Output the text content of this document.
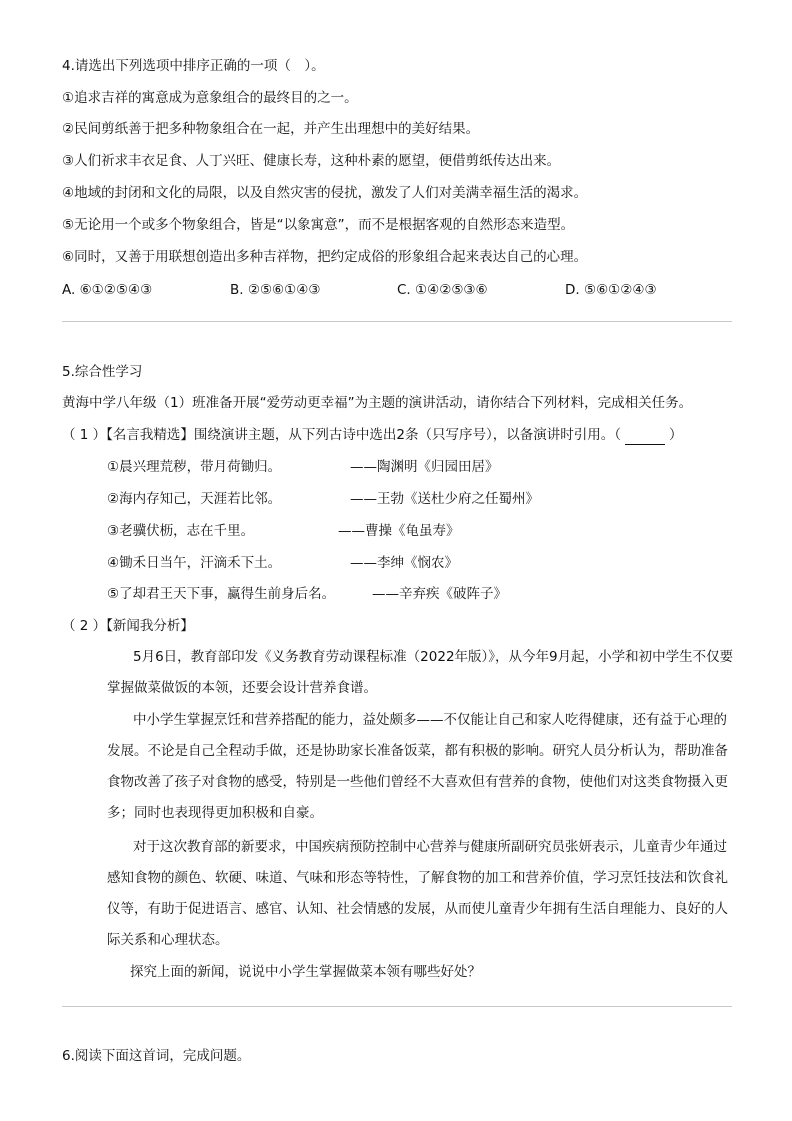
4.请选出下列选项中排序正确的一项（　）。
①追求吉祥的寓意成为意象组合的最终目的之一。
②民间剪纸善于把多种物象组合在一起，并产生出理想中的美好结果。
③人们祈求丰衣足食、人丁兴旺、健康长寿，这种朴素的愿望，便借剪纸传达出来。
④地域的封闭和文化的局限，以及自然灾害的侵扰，激发了人们对美满幸福生活的渴求。
⑤无论用一个或多个物象组合，皆是“以象寓意”，而不是根据客观的自然形态来造型。
⑥同时，又善于用联想创造出多种吉祥物，把约定成俗的形象组合起来表达自己的心理。
A. ⑥①②⑤④③	B. ②⑤⑥①④③	C. ①④②⑤③⑥	D. ⑤⑥①②④③
5.综合性学习
黄海中学八年级（1）班准备开展“爱劳动更幸福”为主题的演讲活动，请你结合下列材料，完成相关任务。
（ 1 ）【名言我精选】围绕演讲主题，从下列古诗中选出2条（只写序号），以备演讲时引用。（	）
①晨兴理荒秽，带月荷锄归。	——陶渊明《归园田居》
②海内存知己，天涯若比邻。	——王勃《送杜少府之任蜀州》
③老骥伏枥，志在千里。	——曹操《龟虽寿》
④锄禾日当午，汗滴禾下土。	——李绅《悯农》
⑤了却君王天下事，赢得生前身后名。	——辛弃疾《破阵子》
（ 2 ）【新闻我分析】
5月6日，教育部印发《义务教育劳动课程标准（2022年版）》，从今年9月起，小学和初中学生不仅要掌握做菜做饭的本领，还要会设计营养食谱。
中小学生掌握烹饪和营养搭配的能力，益处颇多——不仅能让自己和家人吃得健康，还有益于心理的发展。不论是自己全程动手做，还是协助家长准备饭菜，都有积极的影响。研究人员分析认为，帮助准备食物改善了孩子对食物的感受，特别是一些他们曾经不大喜欢但有营养的食物，使他们对这类食物摄入更多；同时也表现得更加积极和自豪。
对于这次教育部的新要求，中国疾病预防控制中心营养与健康所副研究员张妍表示，儿童青少年通过感知食物的颜色、软硬、味道、气味和形态等特性，了解食物的加工和营养价值，学习烹饪技法和饮食礼仪等，有助于促进语言、感官、认知、社会情感的发展，从而使儿童青少年拥有生活自理能力、良好的人际关系和心理状态。
探究上面的新闻，说说中小学生掌握做菜本领有哪些好处？
6.阅读下面这首词，完成问题。
